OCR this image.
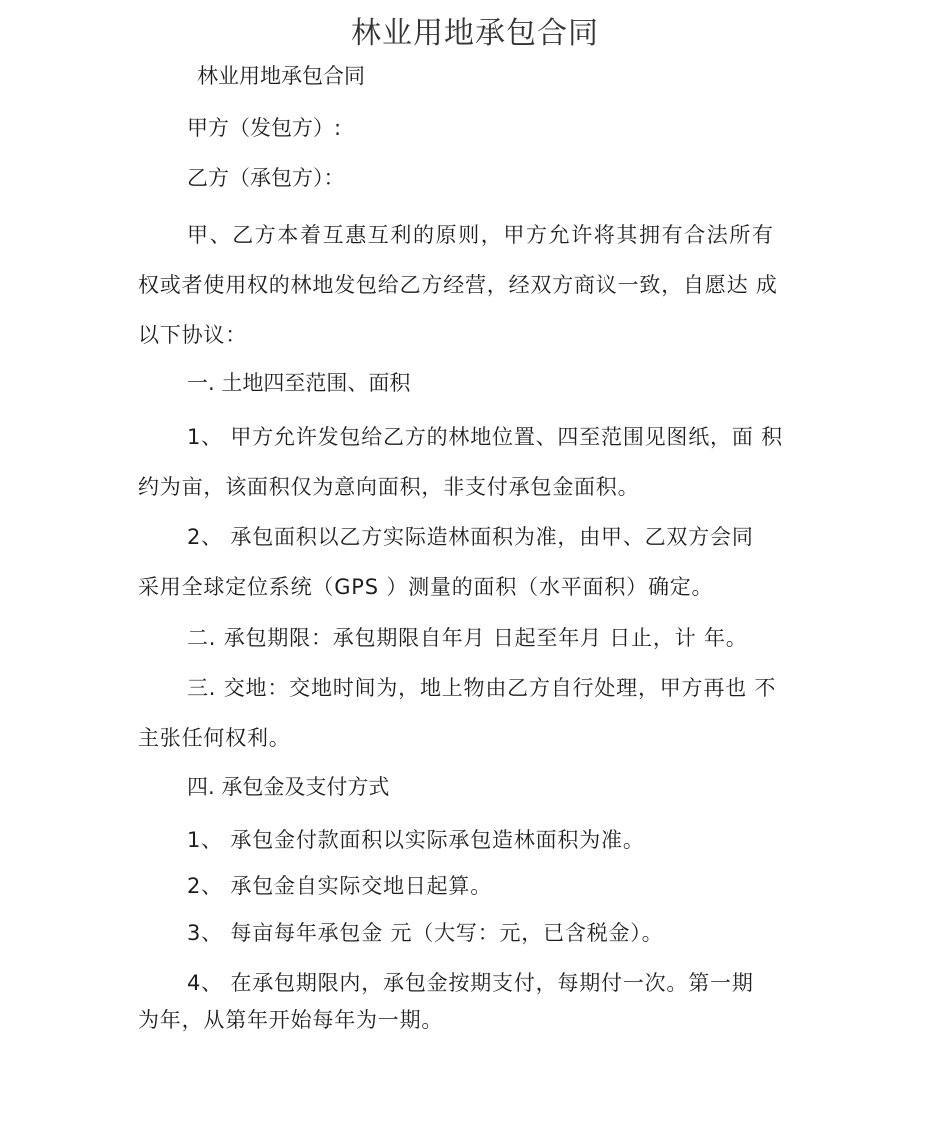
林业用地承包合同
林业用地承包合同
甲方（发包方）:
乙方（承包方）：
甲、乙方本着互惠互利的原则，甲方允许将其拥有合法所有
权或者使用权的林地发包给乙方经营，经双方商议一致，自愿达 成
以下协议：
一. 土地四至范围、面积
1、 甲方允许发包给乙方的林地位置、四至范围见图纸，面 积
约为亩，该面积仅为意向面积，非支付承包金面积。
2、 承包面积以乙方实际造林面积为准，由甲、乙双方会同
采用全球定位系统（GPS ）测量的面积（水平面积）确定。
二. 承包期限：承包期限自年月 日起至年月 日止，计 年。
三. 交地：交地时间为，地上物由乙方自行处理，甲方再也 不
主张任何权利。
四. 承包金及支付方式
1、 承包金付款面积以实际承包造林面积为准。
2、 承包金自实际交地日起算。
3、 每亩每年承包金 元（大写：元，已含税金）。
4、 在承包期限内，承包金按期支付，每期付一次。第一期
为年，从第年开始每年为一期。
